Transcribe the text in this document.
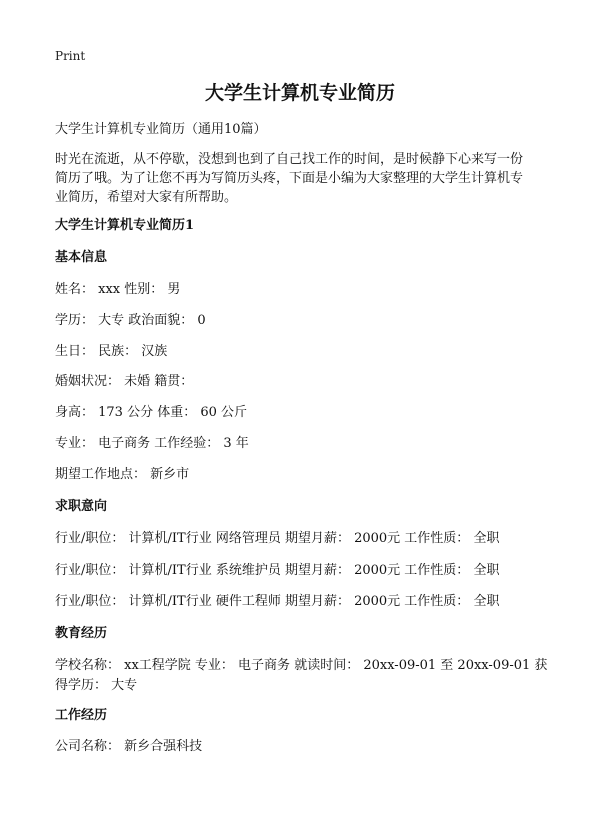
Print
大学生计算机专业简历
大学生计算机专业简历（通用10篇）
时光在流逝，从不停歇，没想到也到了自己找工作的时间，是时候静下心来写一份
简历了哦。为了让您不再为写简历头疼，下面是小编为大家整理的大学生计算机专
业简历，希望对大家有所帮助。
大学生计算机专业简历1
基本信息
姓名： xxx 性别： 男
学历： 大专 政治面貌： 0
生日： 民族： 汉族
婚姻状况： 未婚 籍贯：
身高： 173 公分 体重： 60 公斤
专业： 电子商务 工作经验： 3 年
期望工作地点： 新乡市
求职意向
行业/职位： 计算机/IT行业 网络管理员 期望月薪： 2000元 工作性质： 全职
行业/职位： 计算机/IT行业 系统维护员 期望月薪： 2000元 工作性质： 全职
行业/职位： 计算机/IT行业 硬件工程师 期望月薪： 2000元 工作性质： 全职
教育经历
学校名称： xx工程学院 专业： 电子商务 就读时间： 20xx-09-01 至 20xx-09-01 获
得学历： 大专
工作经历
公司名称： 新乡合强科技
